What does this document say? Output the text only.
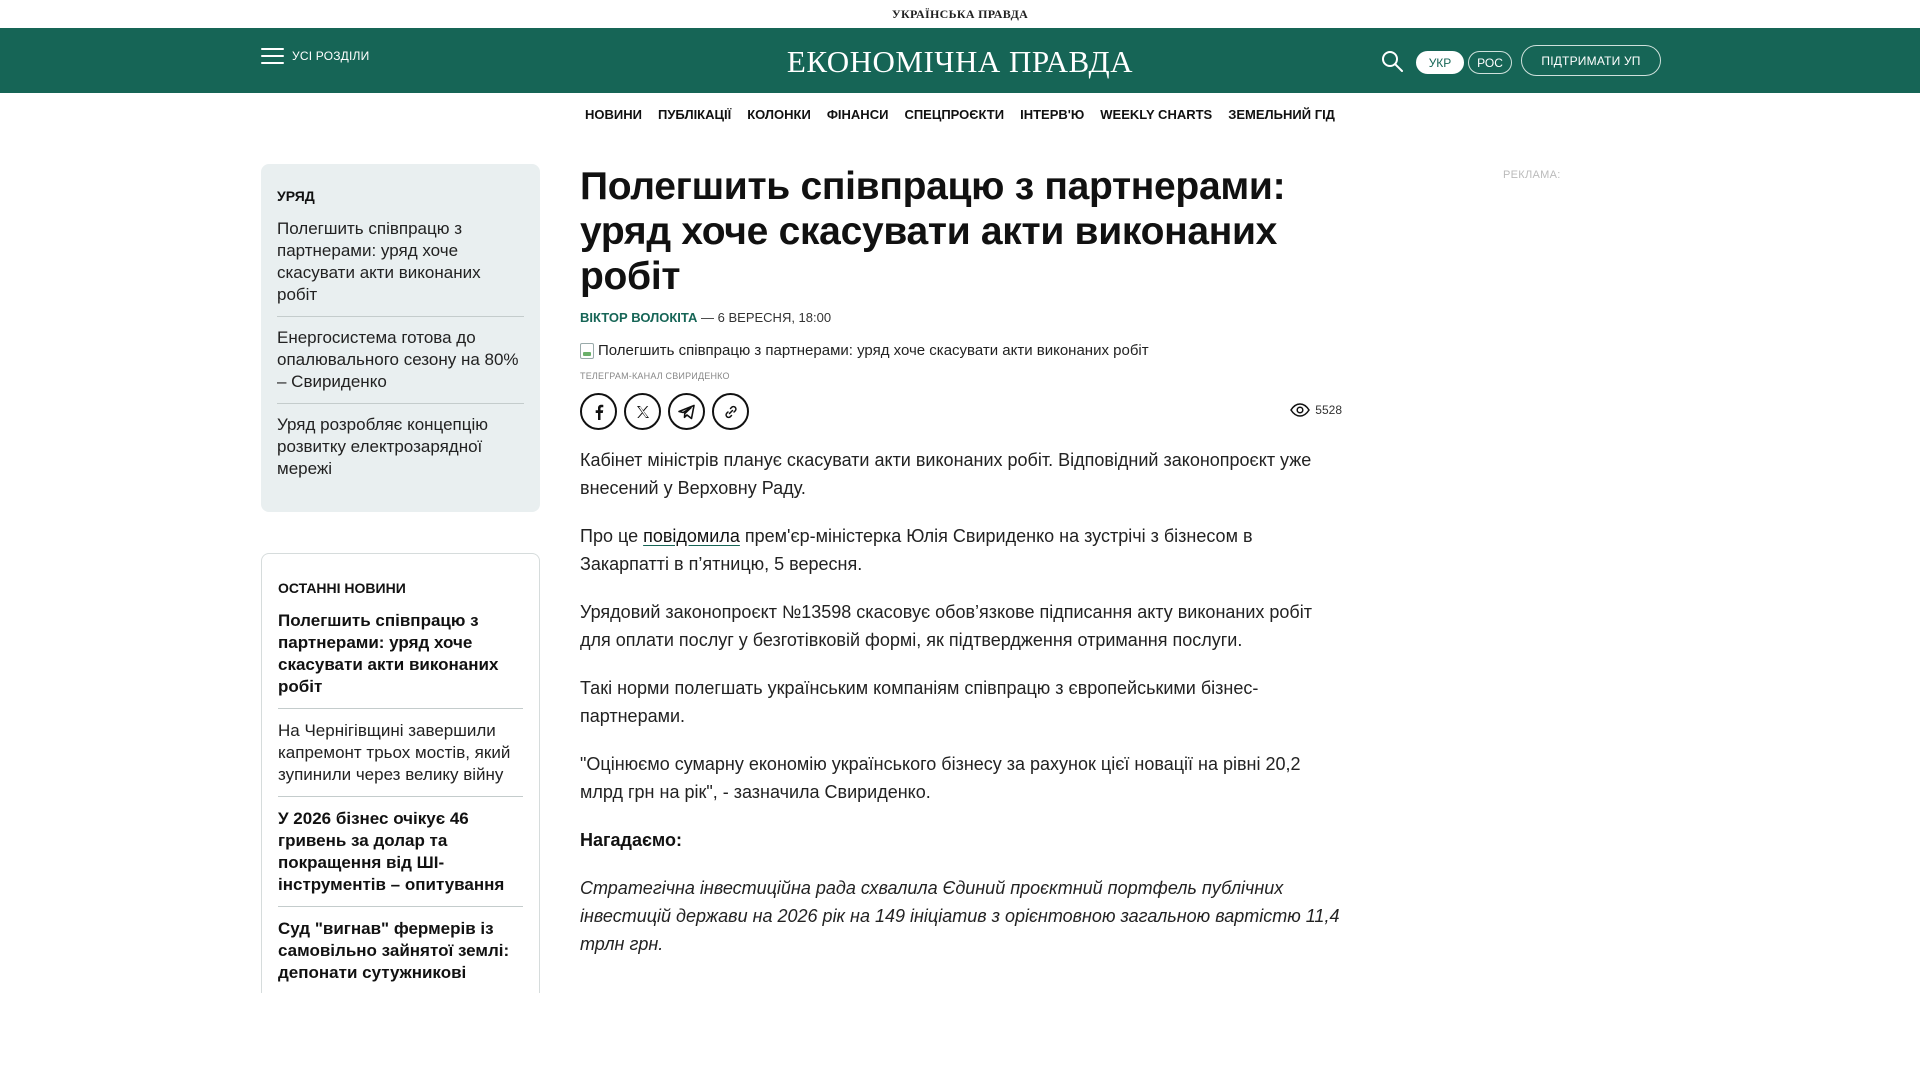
УКРАЇНСЬКА ПРАВДА
УСІ РОЗДІЛИ	ЕКОНОМІЧНА ПРАВДА	УКР	РОС	ПІДТРИМАТИ УП
НОВИНИ ПУБЛІКАЦІЇ КОЛОНКИ ФІНАНСИ СПЕЦПРОЄКТИ ІНТЕРВ'Ю WEEKLY CHARTS ЗЕМЕЛЬНИЙ ГІД
УРЯД
Полегшить співпрацю з партнерами: уряд хоче скасувати акти виконаних робіт
Енергосистема готова до опалювального сезону на 80% – Свириденко
Уряд розробляє концепцію розвитку електрозарядної мережі
ОСТАННІ НОВИНИ
Полегшить співпрацю з партнерами: уряд хоче скасувати акти виконаних робіт
На Чернігівщині завершили капремонт трьох мостів, який зупинили через велику війну
У 2026 бізнес очікує 46 гривень за долар та покращення від ШІ-інструментів – опитування
Суд "вигнав" фермерів із самовільно зайнятої землі: депонати сутужникові
Полегшить співпрацю з партнерами: уряд хоче скасувати акти виконаних робіт
ВІКТОР ВОЛОКІТА — 6 ВЕРЕСНЯ, 18:00
Полегшить співпрацю з партнерами: уряд хоче скасувати акти виконаних робіт
ТЕЛЕГРАМ-КАНАЛ СВИРИДЕНКО
5528

Кабінет міністрів планує скасувати акти виконаних робіт. Відповідний законопроєкт уже внесений у Верховну Раду.

Про це повідомила прем'єр-міністерка Юлія Свириденко на зустрічі з бізнесом в Закарпатті в п’ятницю, 5 вересня.

Урядовий законопроєкт №13598 скасовує обов’язкове підписання акту виконаних робіт для оплати послуг у безготівковій формі, як підтвердження отримання послуги.

Такі норми полегшать українським компаніям співпрацю з європейськими бізнес-партнерами.

"Оцінюємо сумарну економію українського бізнесу за рахунок цієї новації на рівні 20,2 млрд грн на рік", - зазначила Свириденко.

Нагадаємо:

Стратегічна інвестиційна рада схвалила Єдиний проєктний портфель публічних інвестицій держави на 2026 рік на 149 ініціатив з орієнтовною загальною вартістю 11,4 трлн грн.

РЕКЛАМА:
